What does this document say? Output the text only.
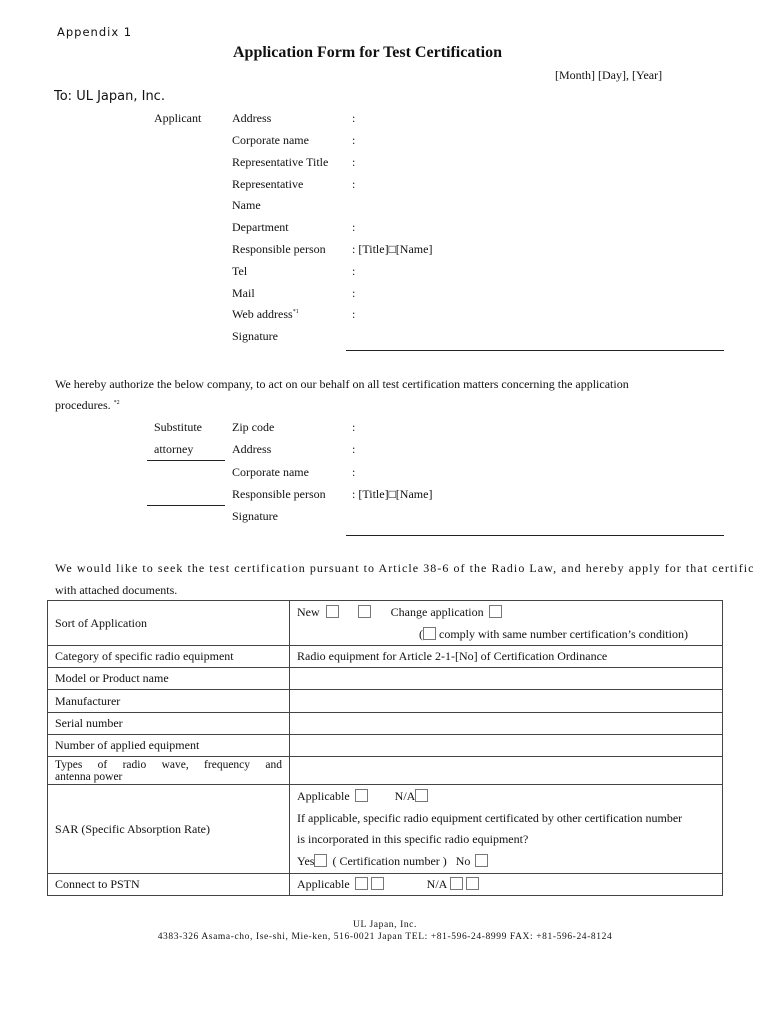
Appendix 1
Application Form for Test Certification
[Month] [Day], [Year]
To: UL Japan, Inc.
Applicant	Address	:
Corporate name	:
Representative Title :
Representative	:
Name
Department	:
Responsible person : [Title]□[Name]
Tel	:
Mail	:
Web address$^{*1}$	:
Signature
We hereby authorize the below company, to act on our behalf on all test certification matters concerning the application
procedures. $^{*2}$
Substitute
attorney
Zip code	:
Address	:
Corporate name	:
Responsible person : [Title]□[Name]
Signature
We would like to seek the test certification pursuant to Article 38-6 of the Radio Law, and hereby apply for that certific
with attached documents.
Sort of Application	New Change application
( comply with same number certification’s condition)

Category of specific radio equipment	Radio equipment for Article 2-1-[No] of Certification Ordinance
Model or Product name	
Manufacturer	
Serial number	
Number of applied equipment	

Types of radio wave, frequency and
antenna power	

SAR (Specific Absorption Rate)	Applicable N/A
If applicable, specific radio equipment certificated by other certification number
is incorporated in this specific radio equipment?
Yes ( Certification number ) No

Connect to PSTN	Applicable N/A
UL Japan, Inc.
4383-326 Asama-cho, Ise-shi, Mie-ken, 516-0021 Japan TEL: +81-596-24-8999 FAX: +81-596-24-8124
